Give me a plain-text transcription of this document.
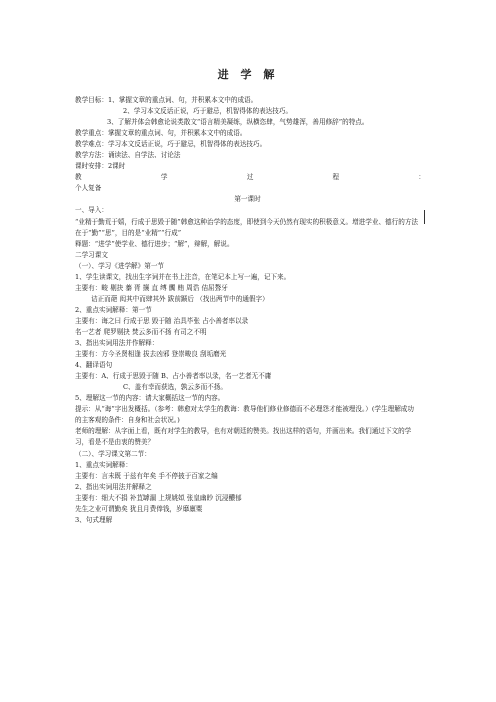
进 学 解
教学目标：1、掌握文章的重点词、句，并积累本文中的成语。
2、学习本文反话正说，巧于避忌，机智得体的表达技巧。
3、了解并体会韩愈论说类散文“语言精美凝练，纵横恣肆，气势雄浑，善用修辞”的特点。
教学重点：掌握文章的重点词、句，并积累本文中的成语。
教学难点：学习本文反话正说，巧于避忌，机智得体的表达技巧。
教学方法：诵读法、自学法、讨论法
课时安排：2课时
教	学	过	程	：
个人复备
第一课时
一、导入：
“业精于勤荒于嬉，行成于思毁于随”韩愈这种治学的态度，即使到今天仍然有现实的积极意义。增进学业、德行的方法在于“勤”“思”，目的是“业精”“行成”
释题：“进学”使学业、德行进步；“解”，辩解，解说。
二学习课文
（一）、学习《进学解》第一节
1、学生读课文，找出生字词并在书上注音，在笔记本上写一遍，记下来。
主要有：畯 剔抉 蓁 胥 攘 直 缚 髑 贿 周诰 佶屈聱牙
诘正而葩 闳其中而肆其外 跋前踬后 （找出两节中的通假字）
2、重点实词解释：第一节
主要有：诲之曰 行成于思 毁于随 治具毕张 占小善者率以录
名一艺者 爬罗剔抉 焚云多而不扬 有司之不明
3、指出实词用法并作解释：
主要有：方今圣贤相逢 拔去凶邪 登崇畯良 刮垢磨光
4、翻译语句
主要有：A、行成于思毁于随 B、占小善者率以录，名一艺者无不庸
C、盖有幸而获选，孰云多而不扬。
5、理解这一节的内容：请大家概括这一节的内容。
提示：从“诲”字出发概括。（参考：韩愈对太学生的教诲：教导他们修业修德而不必理怨才能被埋没。）(学生理解成功的主客观的条件：自身和社会状况。)
老师的理解：从字面上看，既有对学生的教导，也有对朝廷的赞美。找出这样的语句，并画出来。我们通过下文的学习，看是不是由衷的赞美？
（二）、学习课文第二节：
1、重点实词解释：
主要有：言未既 于兹有年矣 手不停披于百家之编
2、指出实词用法并解释之
主要有：细大不捐 补苴罅漏 上规姚姒 张皇幽眇 沉浸醲郁
先生之业可谓勤矣 犹且月费俸钱，岁靡廪粟
3、句式理解
